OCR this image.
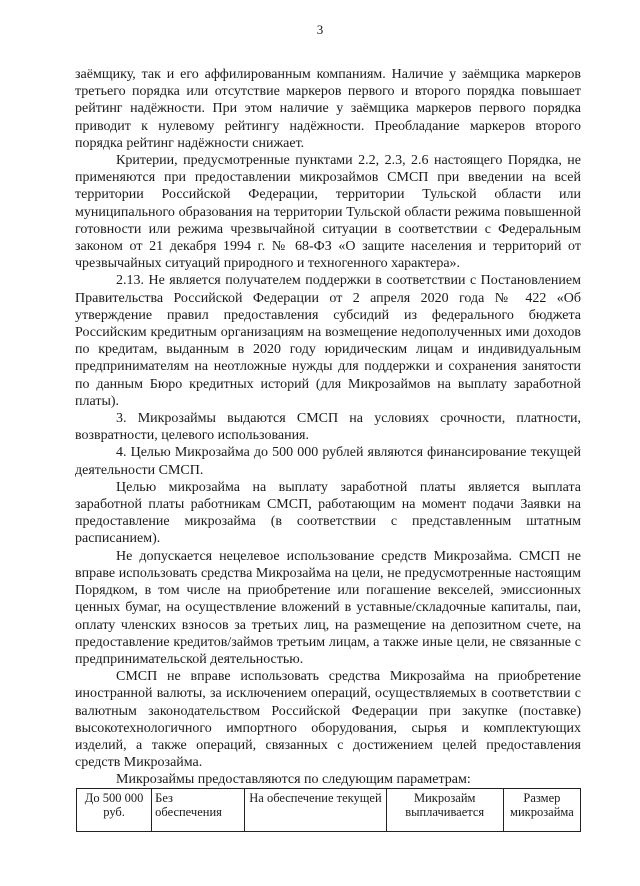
3

заёмщику, так и его аффилированным компаниям. Наличие у заёмщика маркеров третьего порядка или отсутствие маркеров первого и второго порядка повышает рейтинг надёжности. При этом наличие у заёмщика маркеров первого порядка приводит к нулевому рейтингу надёжности. Преобладание маркеров второго порядка рейтинг надёжности снижает.

Критерии, предусмотренные пунктами 2.2, 2.3, 2.6 настоящего Порядка, не применяются при предоставлении микрозаймов СМСП при введении на всей территории Российской Федерации, территории Тульской области или муниципального образования на территории Тульской области режима повышенной готовности или режима чрезвычайной ситуации в соответствии с Федеральным законом от 21 декабря 1994 г. № 68-ФЗ «О защите населения и территорий от чрезвычайных ситуаций природного и техногенного характера».

2.13. Не является получателем поддержки в соответствии с Постановлением Правительства Российской Федерации от 2 апреля 2020 года № 422 «Об утверждение правил предоставления субсидий из федерального бюджета Российским кредитным организациям на возмещение недополученных ими доходов по кредитам, выданным в 2020 году юридическим лицам и индивидуальным предпринимателям на неотложные нужды для поддержки и сохранения занятости по данным Бюро кредитных историй (для Микрозаймов на выплату заработной платы).

3. Микрозаймы выдаются СМСП на условиях срочности, платности, возвратности, целевого использования.

4. Целью Микрозайма до 500 000 рублей являются финансирование текущей деятельности СМСП.

Целью микрозайма на выплату заработной платы является выплата заработной платы работникам СМСП, работающим на момент подачи Заявки на предоставление микрозайма (в соответствии с представленным штатным расписанием).

Не допускается нецелевое использование средств Микрозайма. СМСП не вправе использовать средства Микрозайма на цели, не предусмотренные настоящим Порядком, в том числе на приобретение или погашение векселей, эмиссионных ценных бумаг, на осуществление вложений в уставные/складочные капиталы, паи, оплату членских взносов за третьих лиц, на размещение на депозитном счете, на предоставление кредитов/займов третьим лицам, а также иные цели, не связанные с предпринимательской деятельностью.

СМСП не вправе использовать средства Микрозайма на приобретение иностранной валюты, за исключением операций, осуществляемых в соответствии с валютным законодательством Российской Федерации при закупке (поставке) высокотехнологичного импортного оборудования, сырья и комплектующих изделий, а также операций, связанных с достижением целей предоставления средств Микрозайма.

Микрозаймы предоставляются по следующим параметрам:

До 500 000 руб.	Без обеспечения	На обеспечение текущей	Микрозайм выплачивается	Размер микрозайма
